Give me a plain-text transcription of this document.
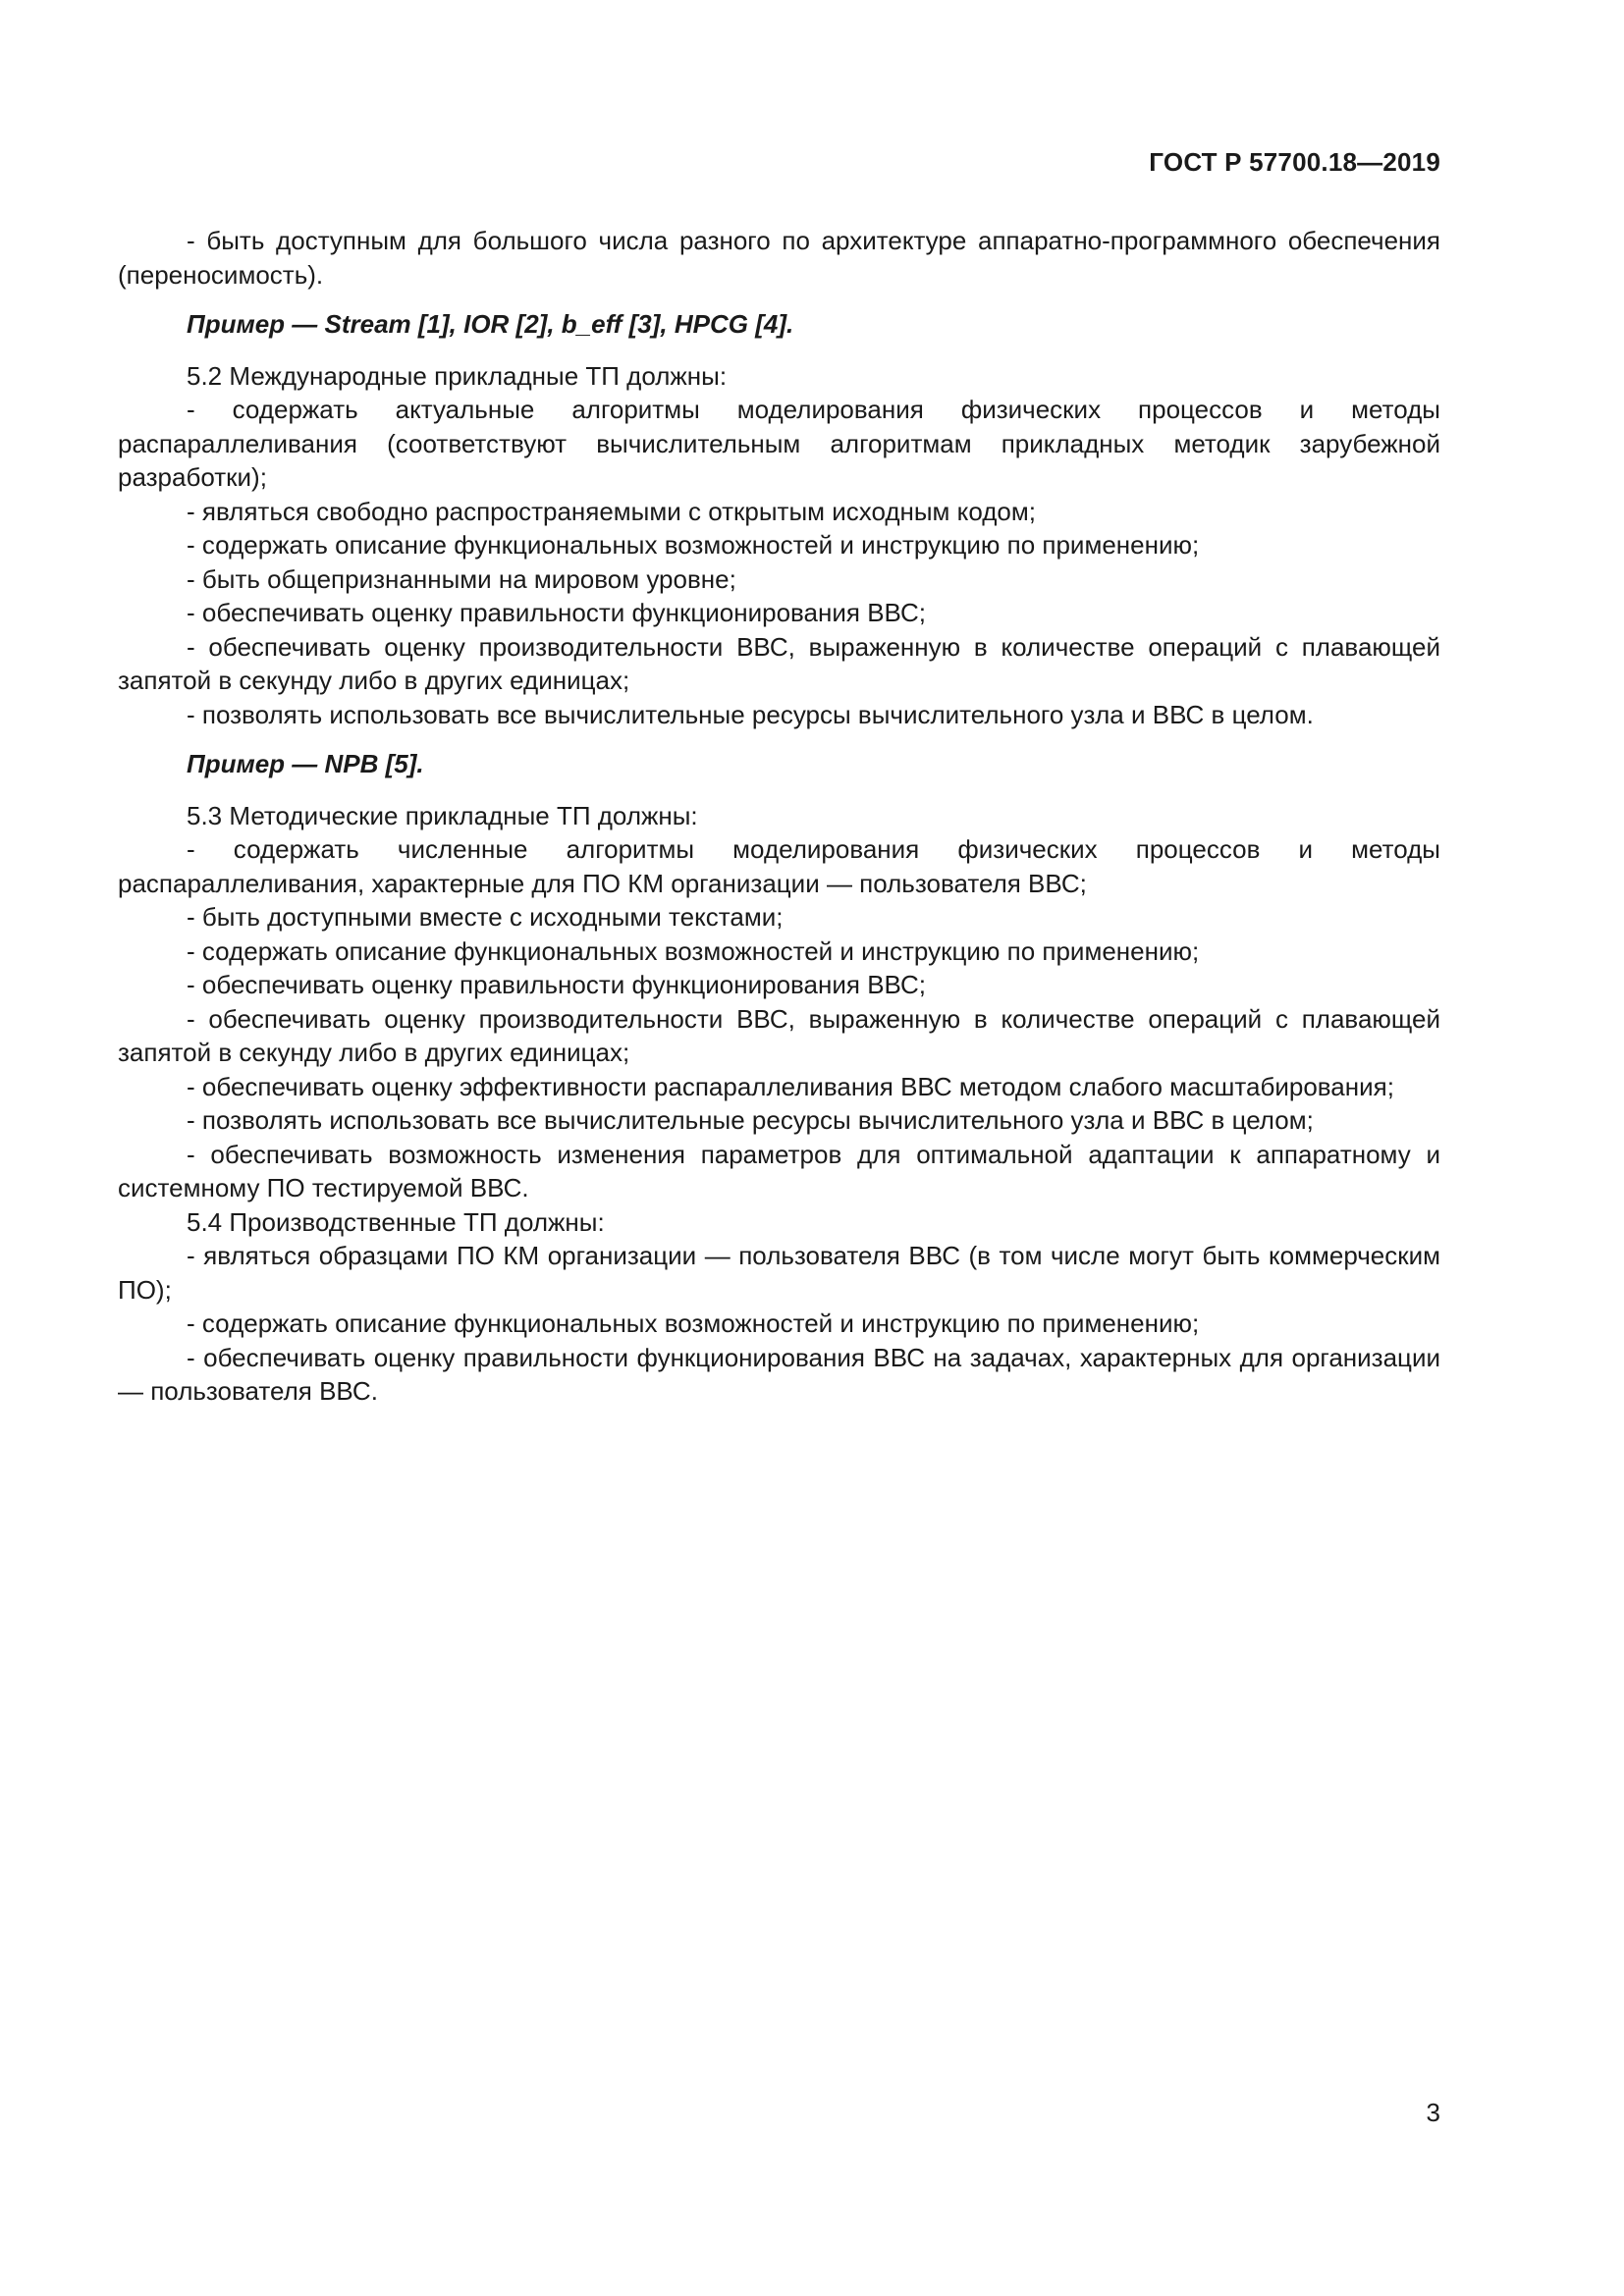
ГОСТ Р 57700.18—2019

- быть доступным для большого числа разного по архитектуре аппаратно-программного обеспечения (переносимость).

Пример — Stream [1], IOR [2], b_eff [3], HPCG [4].

5.2 Международные прикладные ТП должны:

- содержать актуальные алгоритмы моделирования физических процессов и методы распараллеливания (соответствуют вычислительным алгоритмам прикладных методик зарубежной разработки);

- являться свободно распространяемыми с открытым исходным кодом;

- содержать описание функциональных возможностей и инструкцию по применению;

- быть общепризнанными на мировом уровне;

- обеспечивать оценку правильности функционирования ВВС;

- обеспечивать оценку производительности ВВС, выраженную в количестве операций с плавающей запятой в секунду либо в других единицах;

- позволять использовать все вычислительные ресурсы вычислительного узла и ВВС в целом.

Пример — NPB [5].

5.3 Методические прикладные ТП должны:

- содержать численные алгоритмы моделирования физических процессов и методы распараллеливания, характерные для ПО КМ организации — пользователя ВВС;

- быть доступными вместе с исходными текстами;

- содержать описание функциональных возможностей и инструкцию по применению;

- обеспечивать оценку правильности функционирования ВВС;

- обеспечивать оценку производительности ВВС, выраженную в количестве операций с плавающей запятой в секунду либо в других единицах;

- обеспечивать оценку эффективности распараллеливания ВВС методом слабого масштабирования;

- позволять использовать все вычислительные ресурсы вычислительного узла и ВВС в целом;

- обеспечивать возможность изменения параметров для оптимальной адаптации к аппаратному и системному ПО тестируемой ВВС.

5.4 Производственные ТП должны:

- являться образцами ПО КМ организации — пользователя ВВС (в том числе могут быть коммерческим ПО);

- содержать описание функциональных возможностей и инструкцию по применению;

- обеспечивать оценку правильности функционирования ВВС на задачах, характерных для организации — пользователя ВВС.

3
